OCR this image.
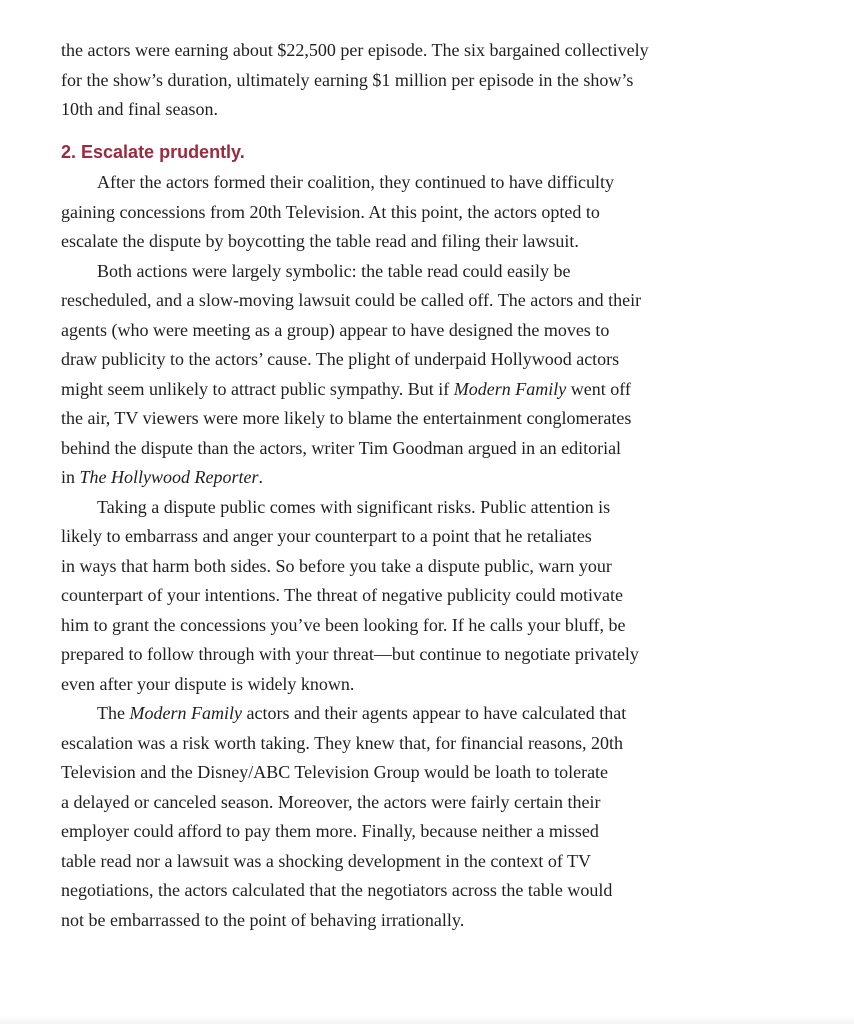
the actors were earning about $22,500 per episode. The six bargained collectively
for the show’s duration, ultimately earning $1 million per episode in the show’s
10th and final season.
2. Escalate prudently.
After the actors formed their coalition, they continued to have difficulty
gaining concessions from 20th Television. At this point, the actors opted to
escalate the dispute by boycotting the table read and filing their lawsuit.
Both actions were largely symbolic: the table read could easily be
rescheduled, and a slow-moving lawsuit could be called off. The actors and their
agents (who were meeting as a group) appear to have designed the moves to
draw publicity to the actors’ cause. The plight of underpaid Hollywood actors
might seem unlikely to attract public sympathy. But if Modern Family went off
the air, TV viewers were more likely to blame the entertainment conglomerates
behind the dispute than the actors, writer Tim Goodman argued in an editorial
in The Hollywood Reporter.
Taking a dispute public comes with significant risks. Public attention is
likely to embarrass and anger your counterpart to a point that he retaliates
in ways that harm both sides. So before you take a dispute public, warn your
counterpart of your intentions. The threat of negative publicity could motivate
him to grant the concessions you’ve been looking for. If he calls your bluff, be
prepared to follow through with your threat—but continue to negotiate privately
even after your dispute is widely known.
The Modern Family actors and their agents appear to have calculated that
escalation was a risk worth taking. They knew that, for financial reasons, 20th
Television and the Disney/ABC Television Group would be loath to tolerate
a delayed or canceled season. Moreover, the actors were fairly certain their
employer could afford to pay them more. Finally, because neither a missed
table read nor a lawsuit was a shocking development in the context of TV
negotiations, the actors calculated that the negotiators across the table would
not be embarrassed to the point of behaving irrationally.
